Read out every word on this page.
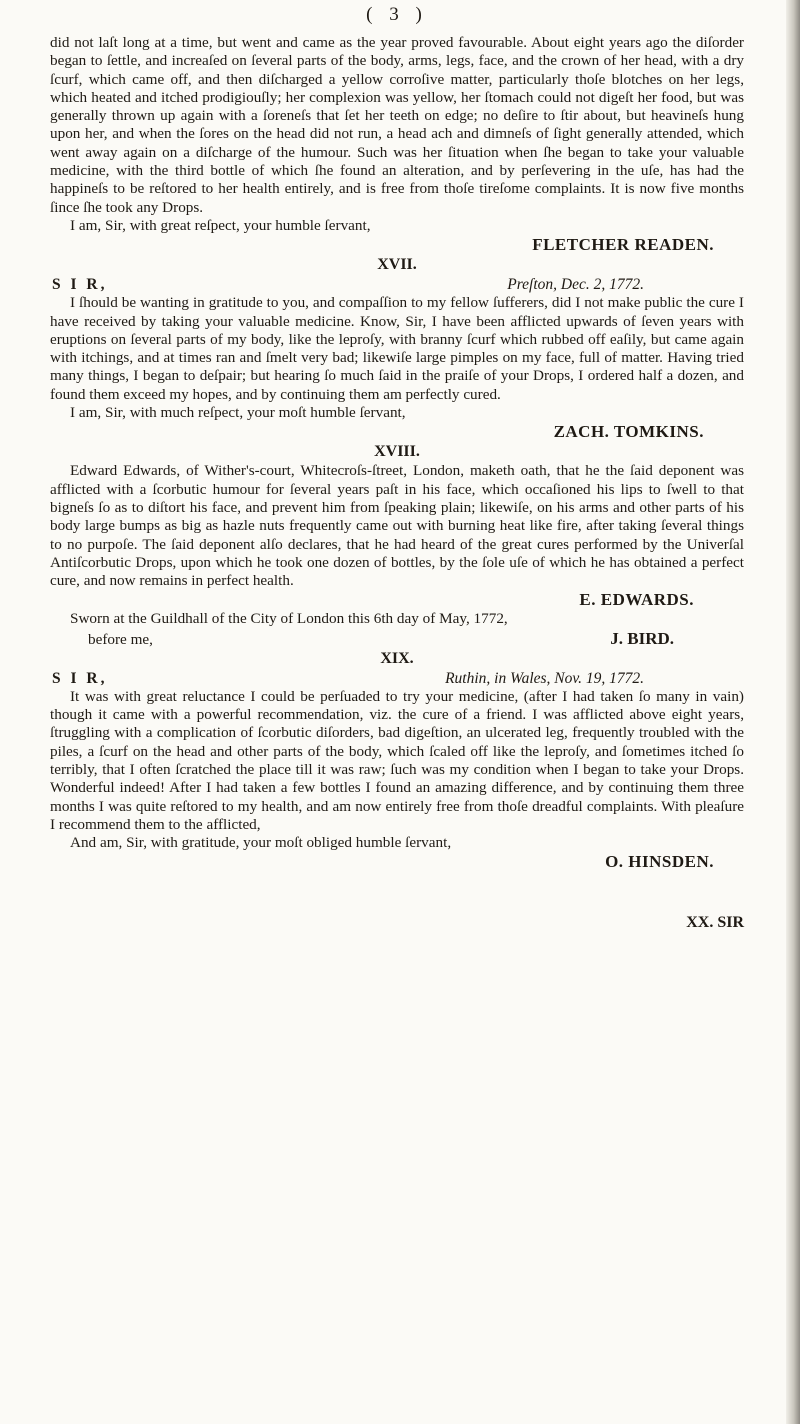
( 3 )

did not laſt long at a time, but went and came as the year proved favourable. About eight years ago the diſorder began to ſettle, and increaſed on ſeveral parts of the body, arms, legs, face, and the crown of her head, with a dry ſcurf, which came off, and then diſcharged a yellow corroſive matter, particularly thoſe blotches on her legs, which heated and itched prodigiouſly; her complexion was yellow, her ſtomach could not digeſt her food, but was generally thrown up again with a ſoreneſs that ſet her teeth on edge; no deſire to ſtir about, but heavineſs hung upon her, and when the ſores on the head did not run, a head ach and dimneſs of ſight generally attended, which went away again on a diſcharge of the humour. Such was her ſituation when ſhe began to take your valuable medicine, with the third bottle of which ſhe found an alteration, and by perſevering in the uſe, has had the happineſs to be reſtored to her health entirely, and is free from thoſe tireſome complaints. It is now five months ſince ſhe took any Drops.

I am, Sir, with great reſpect, your humble ſervant,

FLETCHER READEN.
XVII.
S I R,	Preſton, Dec. 2, 1772.

I ſhould be wanting in gratitude to you, and compaſſion to my fellow ſufferers, did I not make public the cure I have received by taking your valuable medicine. Know, Sir, I have been afflicted upwards of ſeven years with eruptions on ſeveral parts of my body, like the leproſy, with branny ſcurf which rubbed off eaſily, but came again with itchings, and at times ran and ſmelt very bad; likewiſe large pimples on my face, full of matter. Having tried many things, I began to deſpair; but hearing ſo much ſaid in the praiſe of your Drops, I ordered half a dozen, and found them exceed my hopes, and by continuing them am perfectly cured.

I am, Sir, with much reſpect, your moſt humble ſervant,

ZACH. TOMKINS.
XVIII.

Edward Edwards, of Wither's-court, Whitecroſs-ſtreet, London, maketh oath, that he the ſaid deponent was afflicted with a ſcorbutic humour for ſeveral years paſt in his face, which occaſioned his lips to ſwell to that bigneſs ſo as to diſtort his face, and prevent him from ſpeaking plain; likewiſe, on his arms and other parts of his body large bumps as big as hazle nuts frequently came out with burning heat like fire, after taking ſeveral things to no purpoſe. The ſaid deponent alſo declares, that he had heard of the great cures performed by the Univerſal Antiſcorbutic Drops, upon which he took one dozen of bottles, by the ſole uſe of which he has obtained a perfect cure, and now remains in perfect health.

E. EDWARDS.

Sworn at the Guildhall of the City of London this 6th day of May, 1772,

before me,	J. BIRD.
XIX.
S I R,	Ruthin, in Wales, Nov. 19, 1772.

It was with great reluctance I could be perſuaded to try your medicine, (after I had taken ſo many in vain) though it came with a powerful recommendation, viz. the cure of a friend. I was afflicted above eight years, ſtruggling with a complication of ſcorbutic diſorders, bad digeſtion, an ulcerated leg, frequently troubled with the piles, a ſcurf on the head and other parts of the body, which ſcaled off like the leproſy, and ſometimes itched ſo terribly, that I often ſcratched the place till it was raw; ſuch was my condition when I began to take your Drops. Wonderful indeed! After I had taken a few bottles I found an amazing difference, and by continuing them three months I was quite reſtored to my health, and am now entirely free from thoſe dreadful complaints. With pleaſure I recommend them to the afflicted,

And am, Sir, with gratitude, your moſt obliged humble ſervant,

O. HINSDEN.
XX. SIR
